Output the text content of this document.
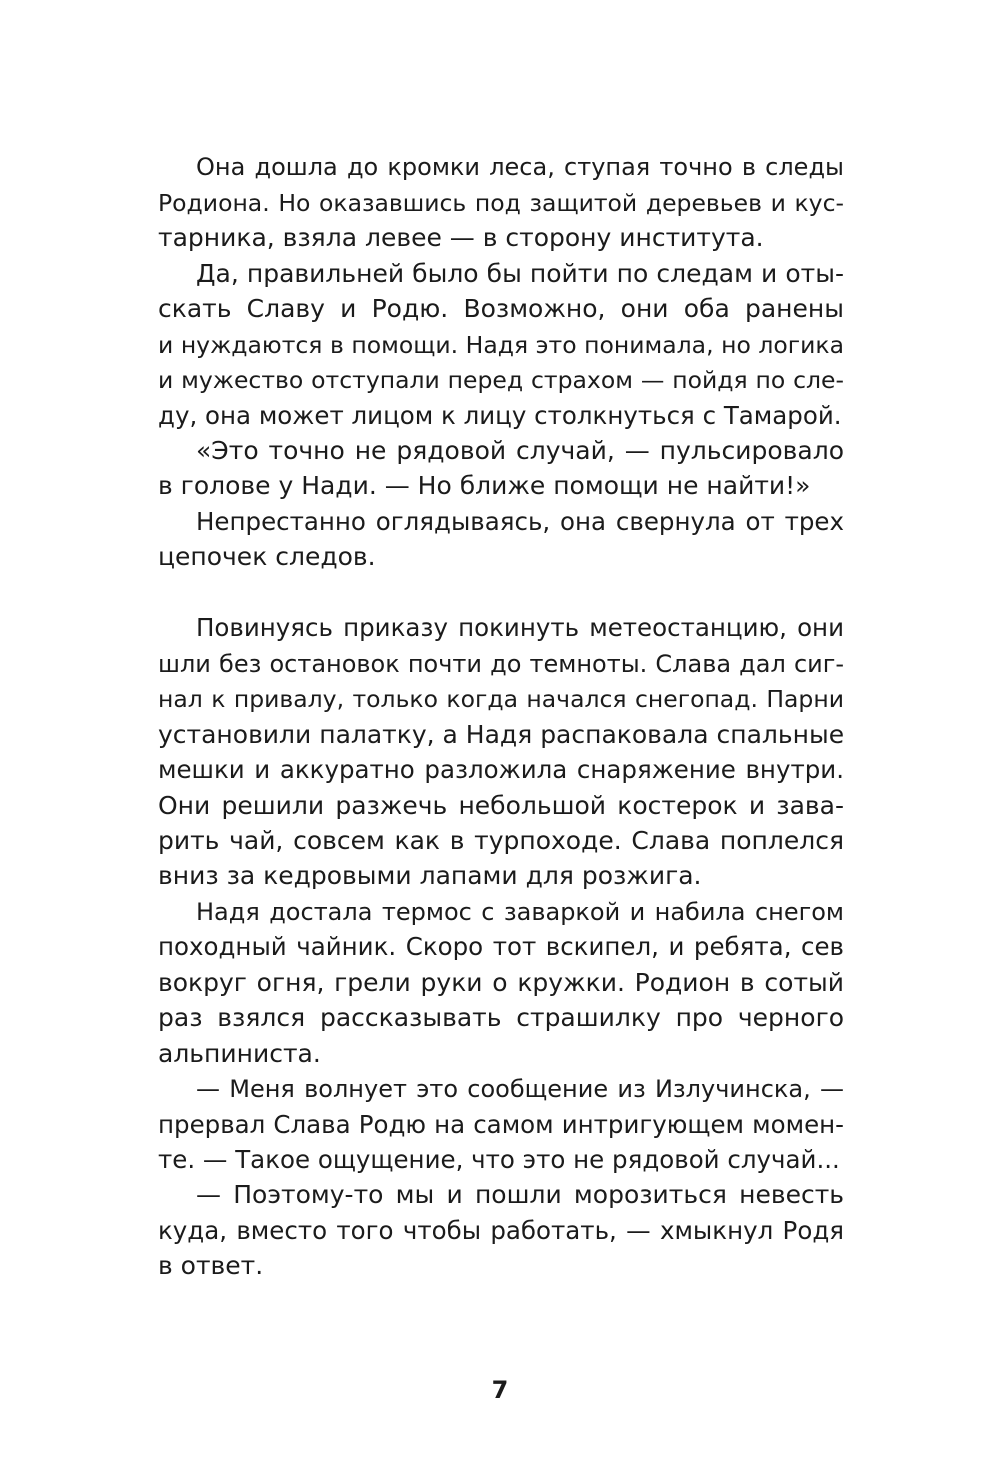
Она дошла до кромки леса, ступая точно в следы
Родиона. Но оказавшись под защитой деревьев и кус-
тарника, взяла левее — в сторону института.
Да, правильней было бы пойти по следам и оты-
скать Славу и Родю. Возможно, они оба ранены
и нуждаются в помощи. Надя это понимала, но логика
и мужество отступали перед страхом — пойдя по сле-
ду, она может лицом к лицу столкнуться с Тамарой.
«Это точно не рядовой случай, — пульсировало
в голове у Нади. — Но ближе помощи не найти!»
Непрестанно оглядываясь, она свернула от трех
цепочек следов.
Повинуясь приказу покинуть метеостанцию, они
шли без остановок почти до темноты. Слава дал сиг-
нал к привалу, только когда начался снегопад. Парни
установили палатку, а Надя распаковала спальные
мешки и аккуратно разложила снаряжение внутри.
Они решили разжечь небольшой костерок и зава-
рить чай, совсем как в турпоходе. Слава поплелся
вниз за кедровыми лапами для розжига.
Надя достала термос с заваркой и набила снегом
походный чайник. Скоро тот вскипел, и ребята, сев
вокруг огня, грели руки о кружки. Родион в сотый
раз взялся рассказывать страшилку про черного
альпиниста.
— Меня волнует это сообщение из Излучинска, —
прервал Слава Родю на самом интригующем момен-
те. — Такое ощущение, что это не рядовой случай...
— Поэтому-то мы и пошли морозиться невесть
куда, вместо того чтобы работать, — хмыкнул Родя
в ответ.
7
